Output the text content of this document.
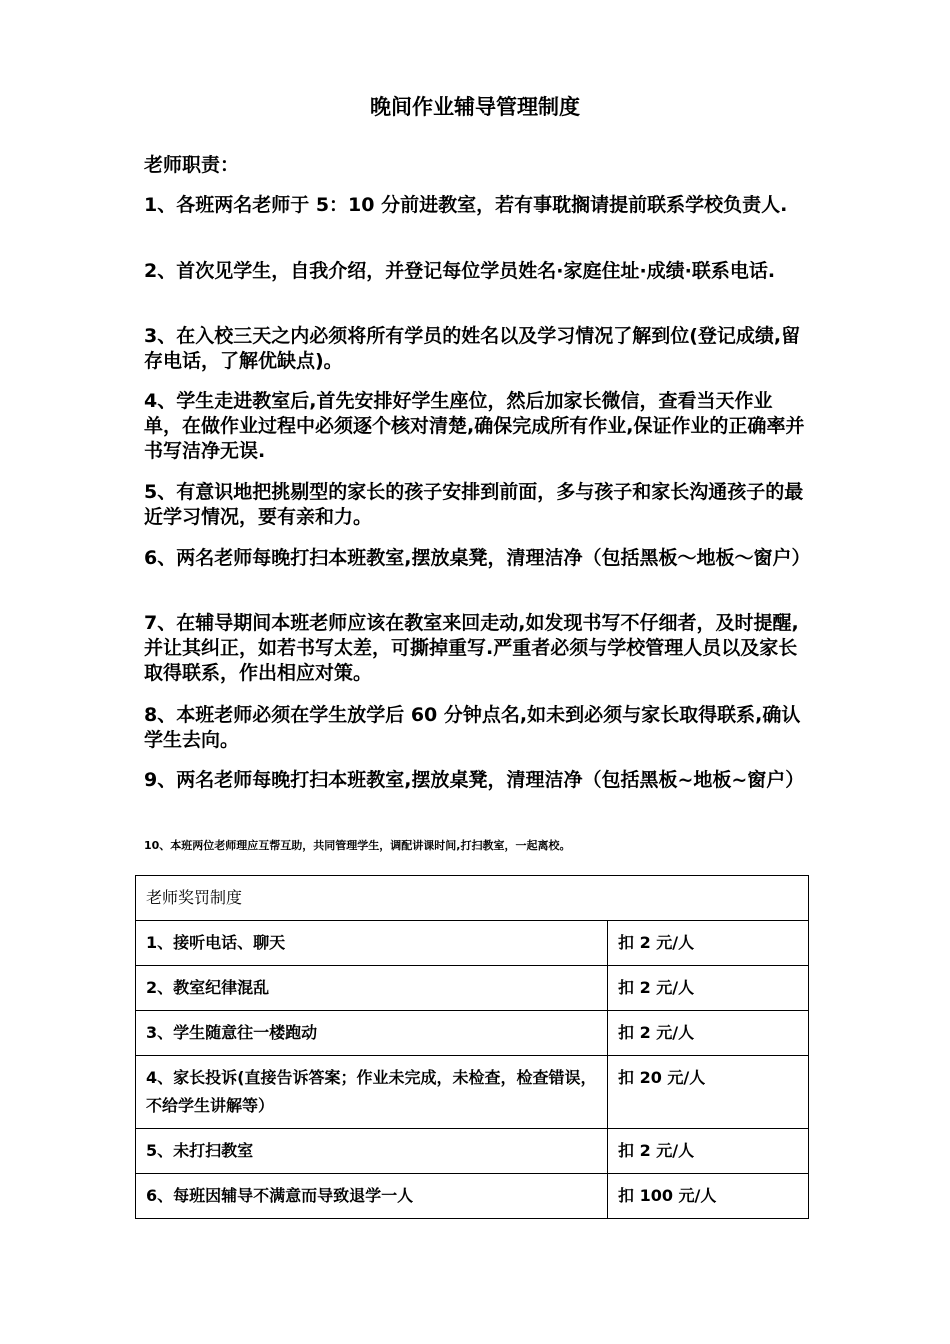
晚间作业辅导管理制度
老师职责：
1、各班两名老师于 5：10 分前进教室，若有事耽搁请提前联系学校负责人.
2、首次见学生，自我介绍，并登记每位学员姓名·家庭住址·成绩·联系电话.
3、在入校三天之内必须将所有学员的姓名以及学习情况了解到位(登记成绩,留存电话，了解优缺点)。
4、学生走进教室后,首先安排好学生座位，然后加家长微信，查看当天作业单，在做作业过程中必须逐个核对清楚,确保完成所有作业,保证作业的正确率并书写洁净无误.
5、有意识地把挑剔型的家长的孩子安排到前面，多与孩子和家长沟通孩子的最近学习情况，要有亲和力。
6、两名老师每晚打扫本班教室,摆放桌凳，清理洁净（包括黑板～地板～窗户）
7、在辅导期间本班老师应该在教室来回走动,如发现书写不仔细者，及时提醒,并让其纠正，如若书写太差，可撕掉重写.严重者必须与学校管理人员以及家长取得联系，作出相应对策。
8、本班老师必须在学生放学后 60 分钟点名,如未到必须与家长取得联系,确认学生去向。
9、两名老师每晚打扫本班教室,摆放桌凳，清理洁净（包括黑板~地板~窗户）
10、本班两位老师理应互帮互助，共同管理学生，调配讲课时间,打扫教室，一起离校。
老师奖罚制度	
1、接听电话、聊天	扣 2 元/人
2、教室纪律混乱	扣 2 元/人
3、学生随意往一楼跑动	扣 2 元/人
4、家长投诉(直接告诉答案；作业未完成，未检查，检查错误，不给学生讲解等）	扣 20 元/人
5、未打扫教室	扣 2 元/人
6、每班因辅导不满意而导致退学一人	扣 100 元/人
